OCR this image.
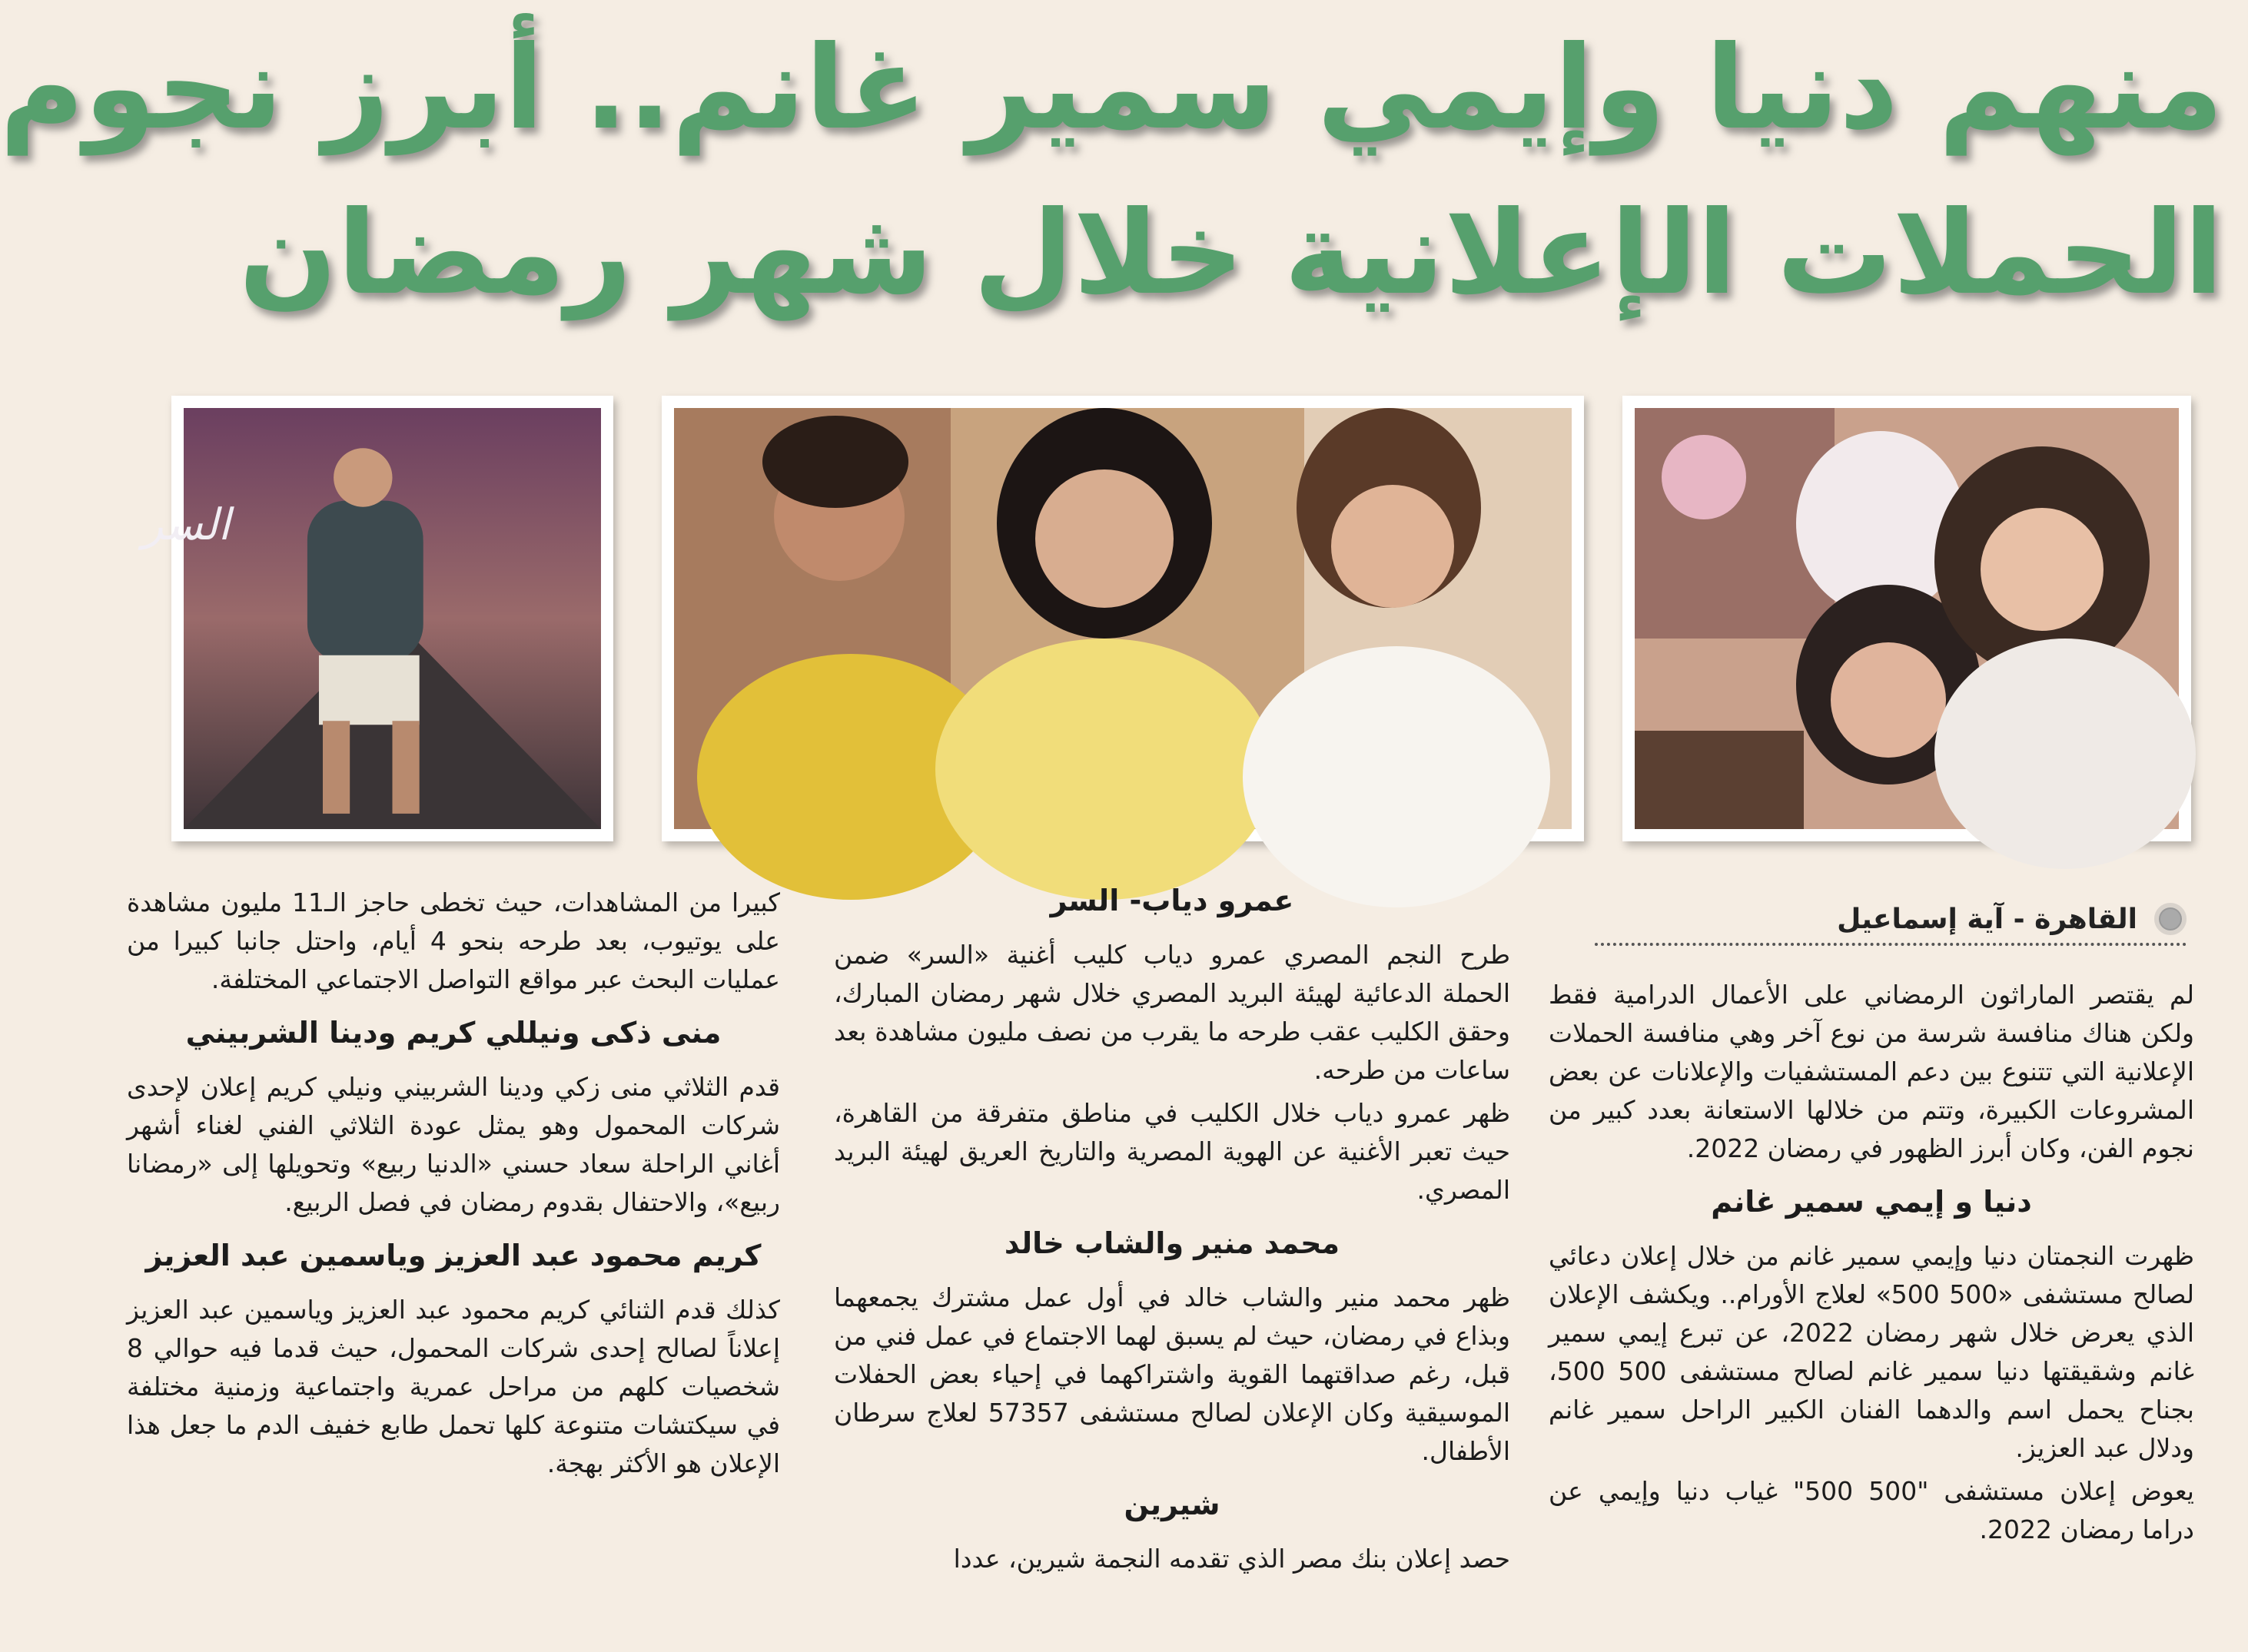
منهم دنيا وإيمي سمير غانم.. أبرز نجوم
الحملات الإعلانية خلال شهر رمضان
السر
القاهرة - آية إسماعيل

لم يقتصر الماراثون الرمضاني على الأعمال الدرامية فقط ولكن هناك منافسة شرسة من نوع آخر وهي منافسة الحملات الإعلانية التي تتنوع بين دعم المستشفيات والإعلانات عن بعض المشروعات الكبيرة، وتتم من خلالها الاستعانة بعدد كبير من نجوم الفن، وكان أبرز الظهور في رمضان 2022.

دنيا و إيمي سمير غانم

ظهرت النجمتان دنيا وإيمي سمير غانم من خلال إعلان دعائي لصالح مستشفى «500 500» لعلاج الأورام.. ويكشف الإعلان الذي يعرض خلال شهر رمضان 2022، عن تبرع إيمي سمير غانم وشقيقتها دنيا سمير غانم لصالح مستشفى 500 500، بجناح يحمل اسم والدهما الفنان الكبير الراحل سمير غانم ودلال عبد العزيز.

يعوض إعلان مستشفى "500 500" غياب دنيا وإيمي عن دراما رمضان 2022.

عمرو دياب- السر

طرح النجم المصري عمرو دياب كليب أغنية «السر» ضمن الحملة الدعائية لهيئة البريد المصري خلال شهر رمضان المبارك، وحقق الكليب عقب طرحه ما يقرب من نصف مليون مشاهدة بعد ساعات من طرحه.

ظهر عمرو دياب خلال الكليب في مناطق متفرقة من القاهرة، حيث تعبر الأغنية عن الهوية المصرية والتاريخ العريق لهيئة البريد المصري.

محمد منير والشاب خالد

ظهر محمد منير والشاب خالد في أول عمل مشترك يجمعهما وبذاع في رمضان، حيث لم يسبق لهما الاجتماع في عمل فني من قبل، رغم صداقتهما القوية واشتراكهما في إحياء بعض الحفلات الموسيقية وكان الإعلان لصالح مستشفى 57357 لعلاج سرطان الأطفال.

شيرين

حصد إعلان بنك مصر الذي تقدمه النجمة شيرين، عددا

كبيرا من المشاهدات، حيث تخطى حاجز الـ11 مليون مشاهدة على يوتيوب، بعد طرحه بنحو 4 أيام، واحتل جانبا كبيرا من عمليات البحث عبر مواقع التواصل الاجتماعي المختلفة.

منى ذكى ونيللي كريم ودينا الشربيني

قدم الثلاثي منى زكي ودينا الشربيني ونيلي كريم إعلان لإحدى شركات المحمول وهو يمثل عودة الثلاثي الفني لغناء أشهر أغاني الراحلة سعاد حسني «الدنيا ربيع» وتحويلها إلى «رمضانا ربيع»، والاحتفال بقدوم رمضان في فصل الربيع.

كريم محمود عبد العزيز وياسمين عبد العزيز

كذلك قدم الثنائي كريم محمود عبد العزيز وياسمين عبد العزيز إعلاناً لصالح إحدى شركات المحمول، حيث قدما فيه حوالي 8 شخصيات كلهم من مراحل عمرية واجتماعية وزمنية مختلفة في سيكتشات متنوعة كلها تحمل طابع خفيف الدم ما جعل هذا الإعلان هو الأكثر بهجة.
